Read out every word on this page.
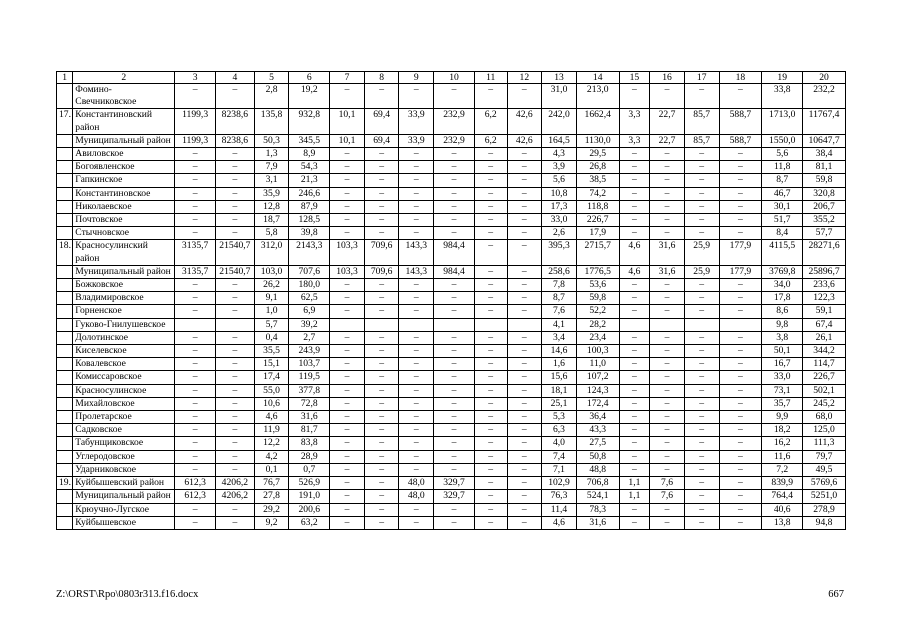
1	2	3	4	5	6	7	8	9	10	11	12	13	14	15	16	17	18	19	20
	Фомино-Свечниковское	–	–	2,8	19,2	–	–	–	–	–	–	31,0	213,0	–	–	–	–	33,8	232,2
17.	Константиновский район	1199,3	8238,6	135,8	932,8	10,1	69,4	33,9	232,9	6,2	42,6	242,0	1662,4	3,3	22,7	85,7	588,7	1713,0	11767,4
	Муниципальный район	1199,3	8238,6	50,3	345,5	10,1	69,4	33,9	232,9	6,2	42,6	164,5	1130,0	3,3	22,7	85,7	588,7	1550,0	10647,7
	Авиловское	–	–	1,3	8,9	–	–	–	–	–	–	4,3	29,5	–	–	–	–	5,6	38,4
	Богоявленское	–	–	7,9	54,3	–	–	–	–	–	–	3,9	26,8	–	–	–	–	11,8	81,1
	Гапкинское	–	–	3,1	21,3	–	–	–	–	–	–	5,6	38,5	–	–	–	–	8,7	59,8
	Константиновское	–	–	35,9	246,6	–	–	–	–	–	–	10,8	74,2	–	–	–	–	46,7	320,8
	Николаевское	–	–	12,8	87,9	–	–	–	–	–	–	17,3	118,8	–	–	–	–	30,1	206,7
	Почтовское	–	–	18,7	128,5	–	–	–	–	–	–	33,0	226,7	–	–	–	–	51,7	355,2
	Стычновское	–	–	5,8	39,8	–	–	–	–	–	–	2,6	17,9	–	–	–	–	8,4	57,7
18.	Красносулинский район	3135,7	21540,7	312,0	2143,3	103,3	709,6	143,3	984,4	–	–	395,3	2715,7	4,6	31,6	25,9	177,9	4115,5	28271,6
	Муниципальный район	3135,7	21540,7	103,0	707,6	103,3	709,6	143,3	984,4	–	–	258,6	1776,5	4,6	31,6	25,9	177,9	3769,8	25896,7
	Божковское	–	–	26,2	180,0	–	–	–	–	–	–	7,8	53,6	–	–	–	–	34,0	233,6
	Владимировское	–	–	9,1	62,5	–	–	–	–	–	–	8,7	59,8	–	–	–	–	17,8	122,3
	Горненское	–	–	1,0	6,9	–	–	–	–	–	–	7,6	52,2	–	–	–	–	8,6	59,1
	Гуково-Гнилушевское			5,7	39,2							4,1	28,2					9,8	67,4
	Долотинское	–	–	0,4	2,7	–	–	–	–	–	–	3,4	23,4	–	–	–	–	3,8	26,1
	Киселевское	–	–	35,5	243,9	–	–	–	–	–	–	14,6	100,3	–	–	–	–	50,1	344,2
	Ковалевское	–	–	15,1	103,7	–	–	–	–	–	–	1,6	11,0	–	–	–	–	16,7	114,7
	Комиссаровское	–	–	17,4	119,5	–	–	–	–	–	–	15,6	107,2	–	–	–	–	33,0	226,7
	Красносулинское	–	–	55,0	377,8	–	–	–	–	–	–	18,1	124,3	–	–	–	–	73,1	502,1
	Михайловское	–	–	10,6	72,8	–	–	–	–	–	–	25,1	172,4	–	–	–	–	35,7	245,2
	Пролетарское	–	–	4,6	31,6	–	–	–	–	–	–	5,3	36,4	–	–	–	–	9,9	68,0
	Садковское	–	–	11,9	81,7	–	–	–	–	–	–	6,3	43,3	–	–	–	–	18,2	125,0
	Табунщиковское	–	–	12,2	83,8	–	–	–	–	–	–	4,0	27,5	–	–	–	–	16,2	111,3
	Углеродовское	–	–	4,2	28,9	–	–	–	–	–	–	7,4	50,8	–	–	–	–	11,6	79,7
	Ударниковское	–	–	0,1	0,7	–	–	–	–	–	–	7,1	48,8	–	–	–	–	7,2	49,5
19.	Куйбышевский район	612,3	4206,2	76,7	526,9	–	–	48,0	329,7	–	–	102,9	706,8	1,1	7,6	–	–	839,9	5769,6
	Муниципальный район	612,3	4206,2	27,8	191,0	–	–	48,0	329,7	–	–	76,3	524,1	1,1	7,6	–	–	764,4	5251,0
	Крюучно-Лугское	–	–	29,2	200,6	–	–	–	–	–	–	11,4	78,3	–	–	–	–	40,6	278,9
	Куйбышевское	–	–	9,2	63,2	–	–	–	–	–	–	4,6	31,6	–	–	–	–	13,8	94,8
Z:\ORST\Rpo\0803r313.f16.docx	667
